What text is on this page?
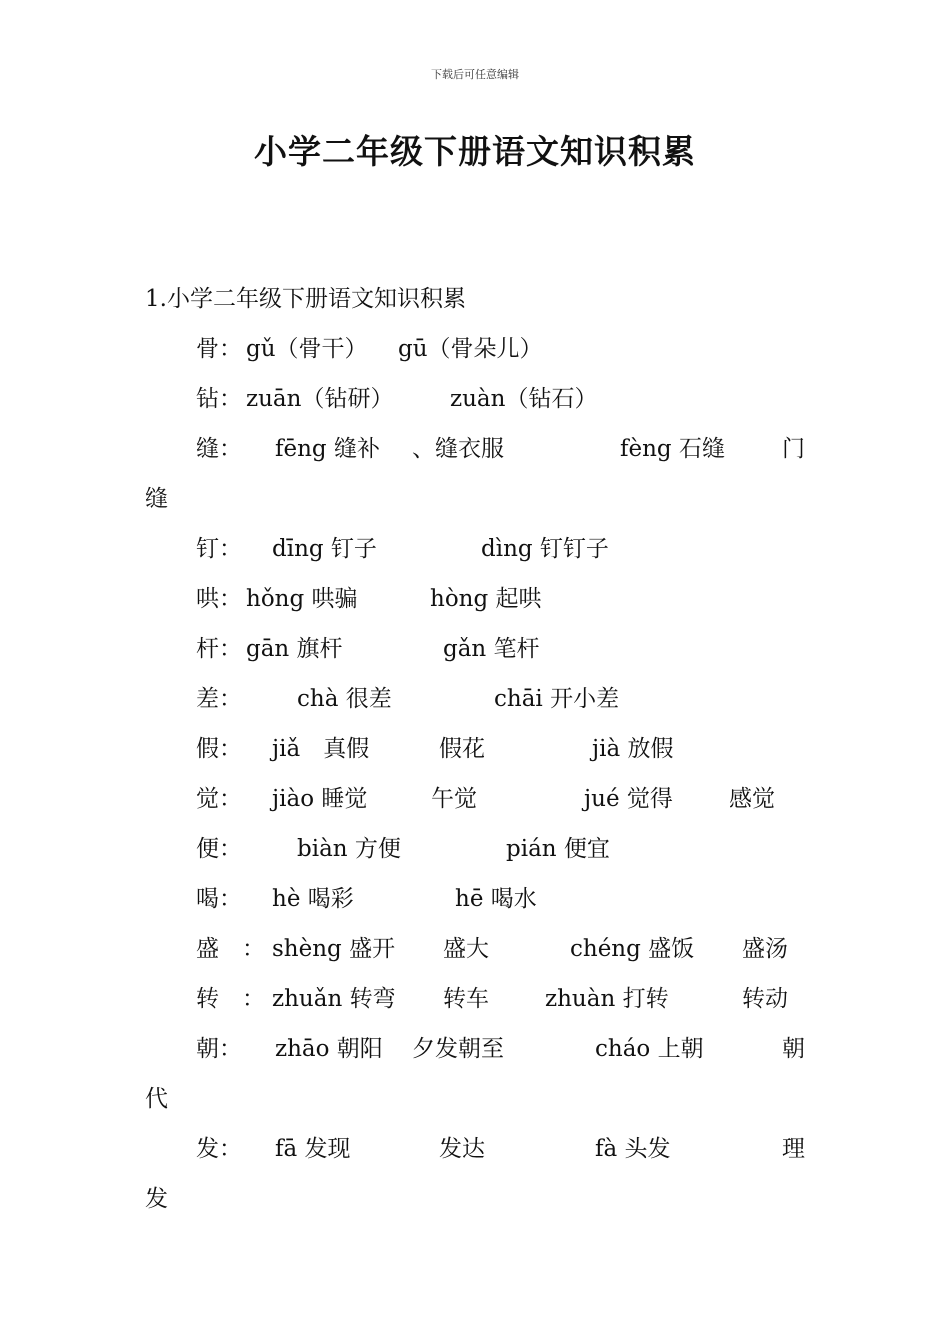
下载后可任意编辑
小学二年级下册语文知识积累
1.小学二年级下册语文知识积累
骨： gǔ（骨干） gū（骨朵儿）
钻： zuān（钻研） zuàn（钻石）
缝： fēng 缝补 、缝衣服	fèng 石缝 门
缝
钉： dīng 钉子	dìng 钉钉子
哄： hǒng 哄骗	hòng 起哄
杆： gān 旗杆	gǎn 笔杆
差： chà 很差	chāi 开小差
假： jiǎ　真假	假花	jià 放假
觉： jiào 睡觉	午觉	jué 觉得 感觉
便： biàn 方便	pián 便宜
喝： hè 喝彩	hē 喝水
盛　： shèng 盛开 盛大	chéng 盛饭 盛汤
转　： zhuǎn 转弯 转车 zhuàn 打转	转动
朝： zhāo 朝阳 夕发朝至	cháo 上朝	朝
代
发： fā 发现	发达	fà 头发	理
发
